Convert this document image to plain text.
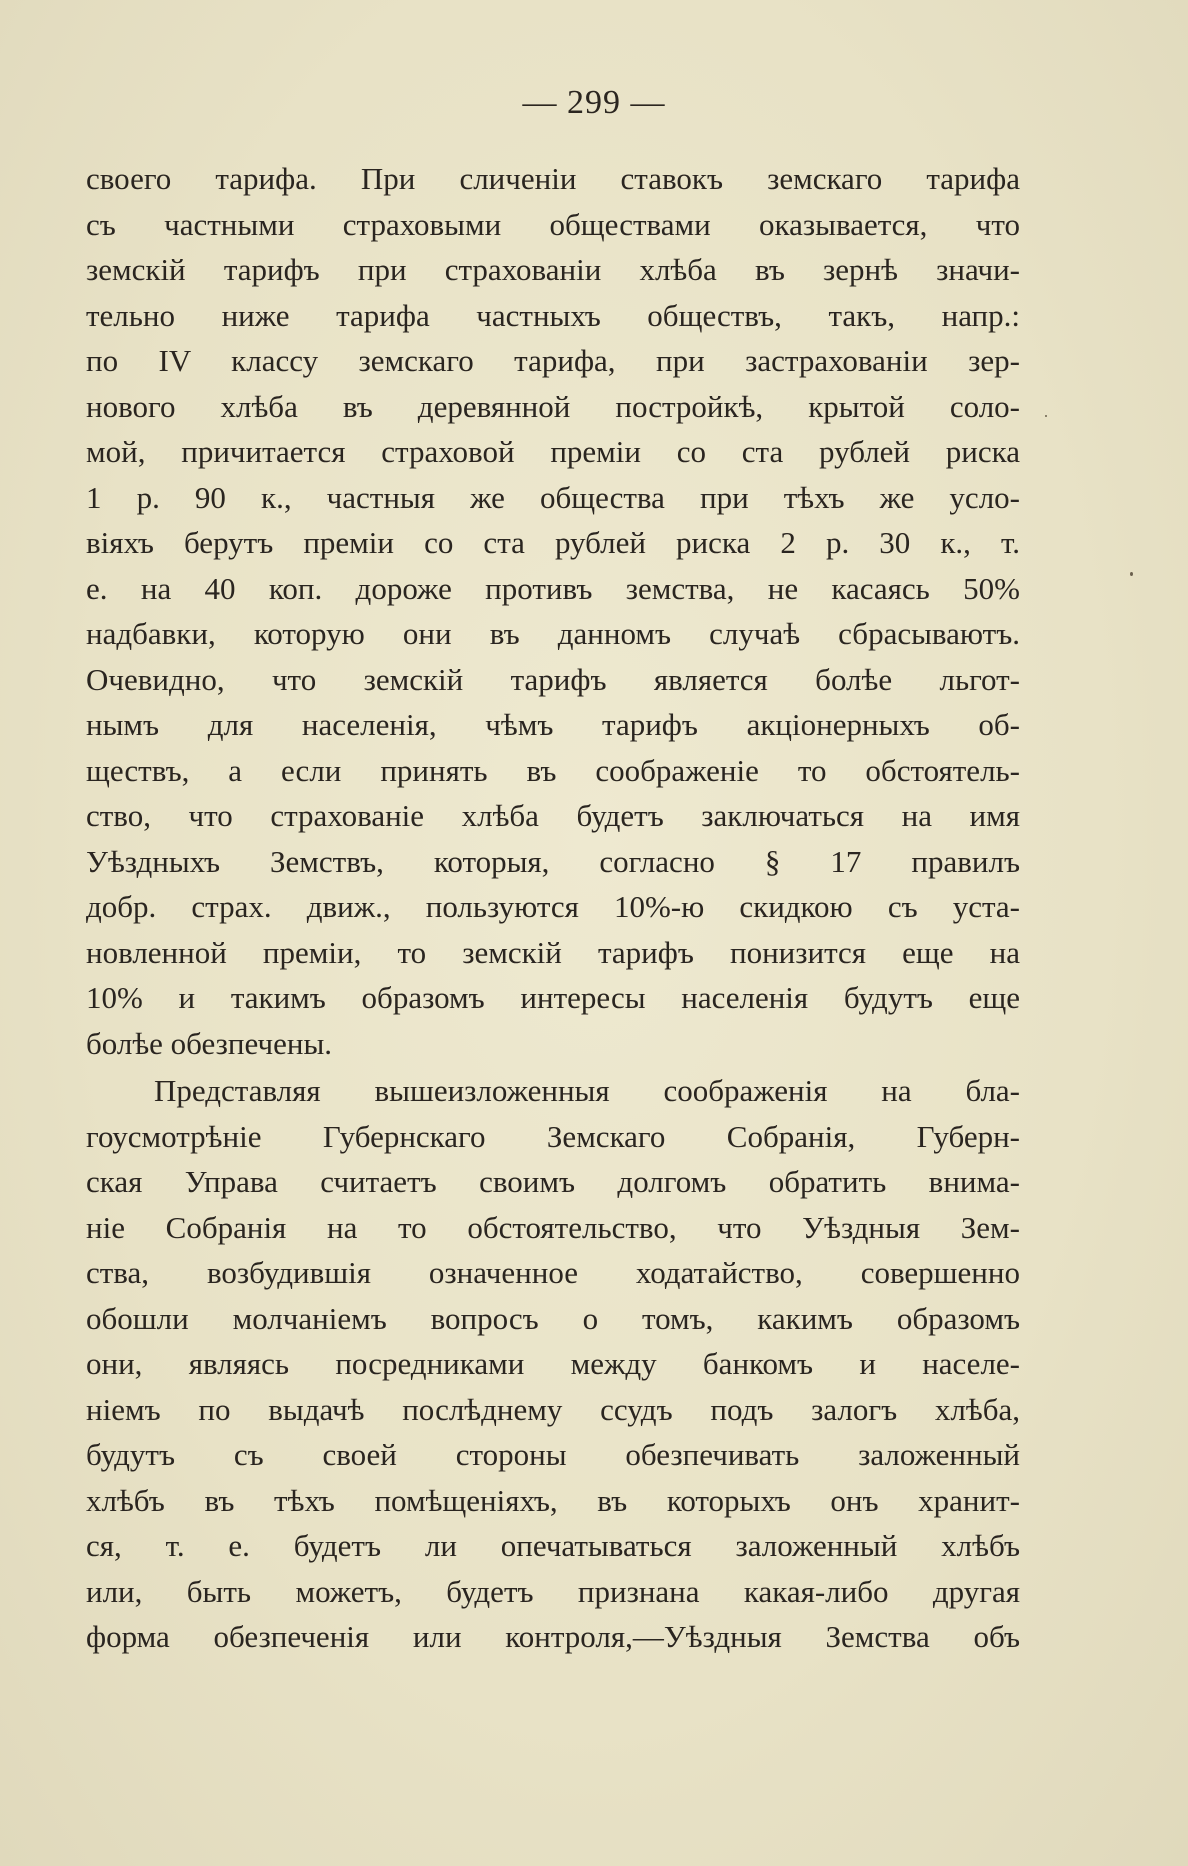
— 299 —
своего тарифа. При сличеніи ставокъ земскаго тарифа
съ частными страховыми обществами оказывается, что
земскій тарифъ при страхованіи хлѣба въ зернѣ значи-
тельно ниже тарифа частныхъ обществъ, такъ, напр.:
по IV классу земскаго тарифа, при застрахованіи зер-
нового хлѣба въ деревянной постройкѣ, крытой соло-
мой, причитается страховой преміи со ста рублей риска
1 р. 90 к., частныя же общества при тѣхъ же усло-
віяхъ берутъ преміи со ста рублей риска 2 р. 30 к., т.
е. на 40 коп. дороже противъ земства, не касаясь 50%
надбавки, которую они въ данномъ случаѣ сбрасываютъ.
Очевидно, что земскій тарифъ является болѣе льгот-
нымъ для населенія, чѣмъ тарифъ акціонерныхъ об-
ществъ, а если принять въ соображеніе то обстоятель-
ство, что страхованіе хлѣба будетъ заключаться на имя
Уѣздныхъ Земствъ, которыя, согласно § 17 правилъ
добр. страх. движ., пользуются 10%-ю скидкою съ уста-
новленной преміи, то земскій тарифъ понизится еще на
10% и такимъ образомъ интересы населенія будутъ еще
болѣе обезпечены.
Представляя вышеизложенныя соображенія на бла-
гоусмотрѣніе Губернскаго Земскаго Собранія, Губерн-
ская Управа считаетъ своимъ долгомъ обратить внима-
ніе Собранія на то обстоятельство, что Уѣздныя Зем-
ства, возбудившія означенное ходатайство, совершенно
обошли молчаніемъ вопросъ о томъ, какимъ образомъ
они, являясь посредниками между банкомъ и населе-
ніемъ по выдачѣ послѣднему ссудъ подъ залогъ хлѣба,
будутъ съ своей стороны обезпечивать заложенный
хлѣбъ въ тѣхъ помѣщеніяхъ, въ которыхъ онъ хранит-
ся, т. е. будетъ ли опечатываться заложенный хлѣбъ
или, быть можетъ, будетъ признана какая-либо другая
форма обезпеченія или контроля,—Уѣздныя Земства объ
